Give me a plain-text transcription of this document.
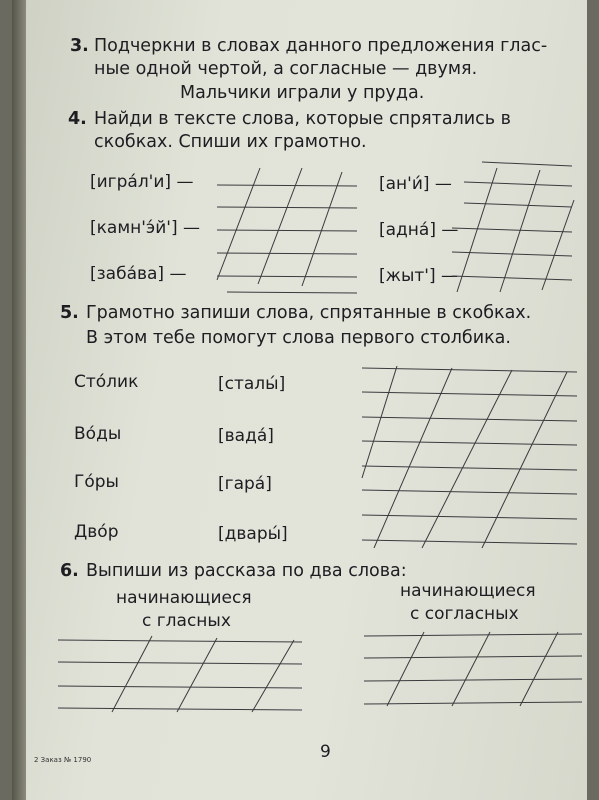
3. Подчеркни в словах данного предложения глас-
ные одной чертой, а согласные — двумя.
Мальчики играли у пруда.
4. Найди в тексте слова, которые спрятались в
скобках. Спиши их грамотно.
[игра́л'и] —	[ан'и́] —
[камн'э́й'] —	[адна́] —
[заба́ва] —	[жыт'] —
5. Грамотно запиши слова, спрятанные в скобках.
В этом тебе помогут слова первого столбика.
Сто́лик	[сталы́]
Во́ды	[вада́]
Го́ры	[гара́]
Дво́р	[двары́]
6. Выпиши из рассказа по два слова:
начинающиеся
с гласных
начинающиеся
с согласных
2 Заказ № 1790	9
